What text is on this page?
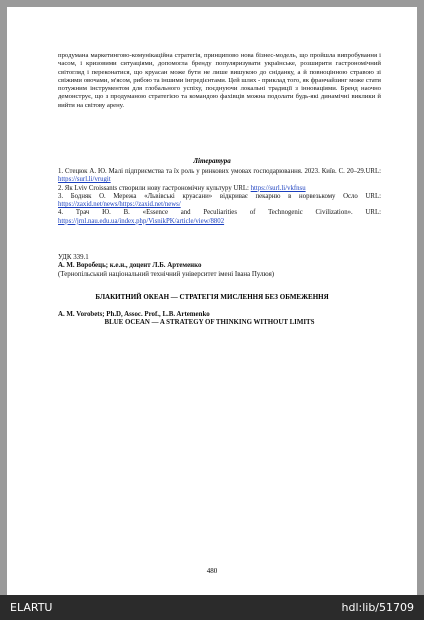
продумана маркетингово-комунікаційна стратегія, принципово нова бізнес-модель, що пройшла випробування і часом, і кризовими ситуаціями, допомогла бренду популяризувати українське, розширити гастрономічний світогляд і переконатися, що круасан може бути не лише вишукою до сніданку, а й повноцінною стравою зі свіжими овочами, м'ясом, рибою та іншими інгредієнтами. Цей шлях - приклад того, як франчайзинг може стати потужним інструментом для глобального успіху, поєднуючи локальні традиції з інноваціями. Бренд наочно демонструє, що з продуманою стратегією та командою фахівців можна подолати будь-які динамічні виклики й вийти на світову арену.
Література

1. Стецюк А. Ю. Малі підприємства та їх роль у ринкових умовах господарювання. 2023. Київ. С. 20–29.URL: https://surl.li/vrugit

2. Як Lviv Croissants створили нову гастрономічну культуру URL: https://surl.li/vkfnsu

3. Бодняк О. Мережа «Львівські круасани» відкриває пекарню в норвезькому Осло URL: https://zaxid.net/news/https://zaxid.net/news/

4. Трач Ю. В. «Essence and Peculiarities of Technogenic Civilization». URL: https://jrnl.nau.edu.ua/index.php/VisnikPK/article/view/8802

УДК 339.1
А. М. Воробець; к.е.н., доцент Л.Б. Артеменко
(Тернопільський національний технічний університет імені Івана Пулюя)
БЛАКИТНИЙ ОКЕАН — СТРАТЕГІЯ МИСЛЕННЯ БЕЗ ОБМЕЖЕННЯ
A. M. Vorobets; Ph.D, Assoc. Prof., L.B. Artemenko
BLUE OCEAN — A STRATEGY OF THINKING WITHOUT LIMITS
480
ELARTU	hdl:lib/51709
